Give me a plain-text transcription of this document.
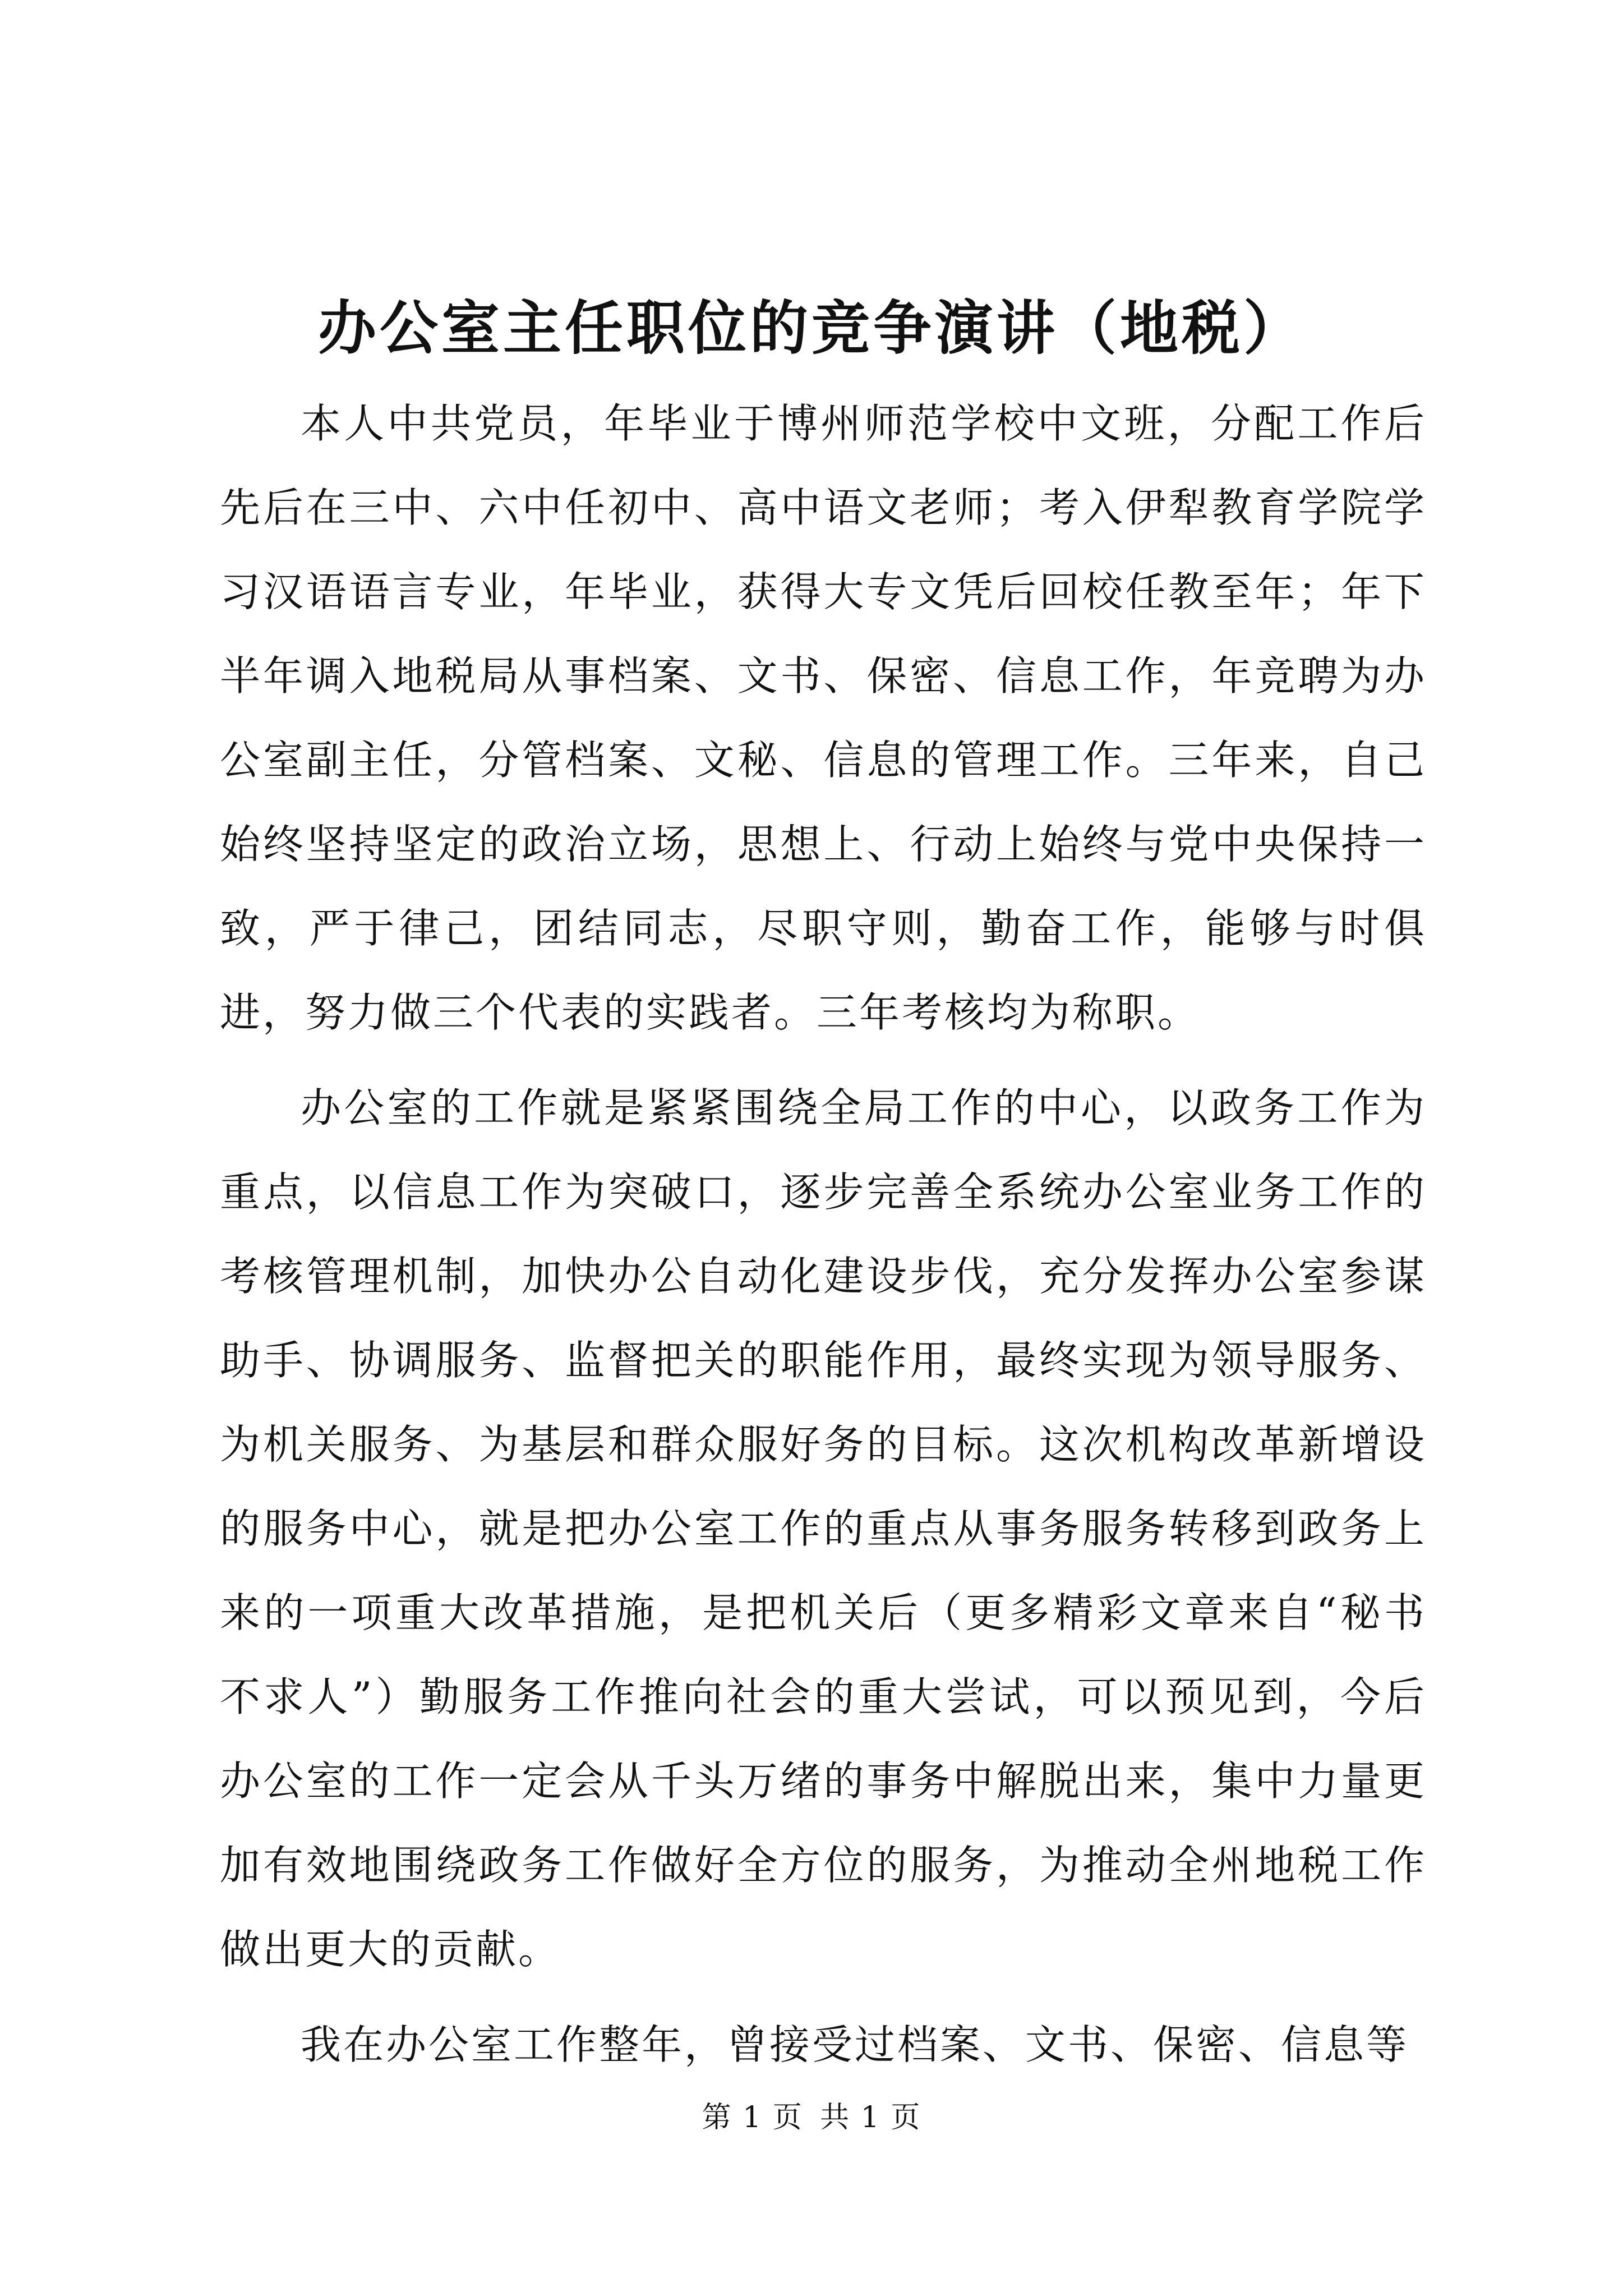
办公室主任职位的竞争演讲（地税）

本人中共党员，年毕业于博州师范学校中文班，分配工作后先后在三中、六中任初中、高中语文老师；考入伊犁教育学院学习汉语语言专业，年毕业，获得大专文凭后回校任教至年；年下半年调入地税局从事档案、文书、保密、信息工作，年竞聘为办公室副主任，分管档案、文秘、信息的管理工作。三年来，自己始终坚持坚定的政治立场，思想上、行动上始终与党中央保持一致，严于律己，团结同志，尽职守则，勤奋工作，能够与时俱进，努力做三个代表的实践者。三年考核均为称职。

办公室的工作就是紧紧围绕全局工作的中心，以政务工作为重点，以信息工作为突破口，逐步完善全系统办公室业务工作的考核管理机制，加快办公自动化建设步伐，充分发挥办公室参谋助手、协调服务、监督把关的职能作用，最终实现为领导服务、为机关服务、为基层和群众服好务的目标。这次机构改革新增设的服务中心，就是把办公室工作的重点从事务服务转移到政务上来的一项重大改革措施，是把机关后（更多精彩文章来自“秘书不求人”）勤服务工作推向社会的重大尝试，可以预见到，今后办公室的工作一定会从千头万绪的事务中解脱出来，集中力量更加有效地围绕政务工作做好全方位的服务，为推动全州地税工作做出更大的贡献。

我在办公室工作整年，曾接受过档案、文书、保密、信息等

第 1 页 共 1 页
